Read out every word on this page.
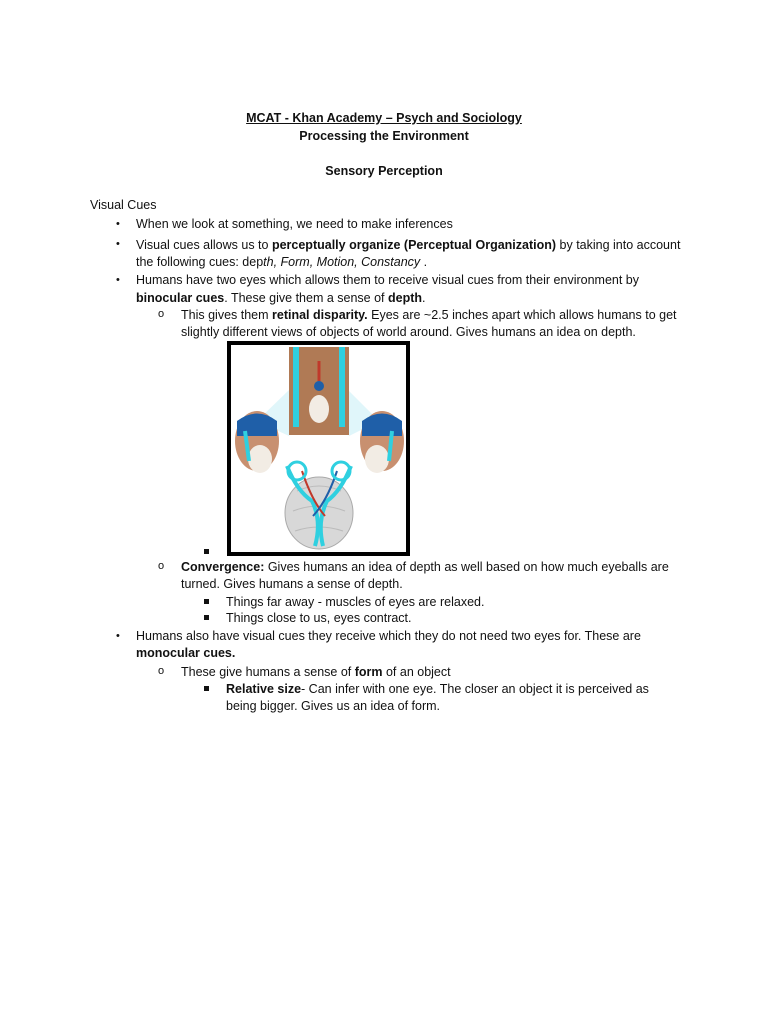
MCAT - Khan Academy – Psych and Sociology
Processing the Environment
Sensory Perception
Visual Cues
• When we look at something, we need to make inferences
• Visual cues allows us to perceptually organize (Perceptual Organization) by taking into account
the following cues: depth, Form, Motion, Constancy .
• Humans have two eyes which allows them to receive visual cues from their environment by
binocular cues. These give them a sense of depth.
o This gives them retinal disparity. Eyes are ~2.5 inches apart which allows humans to get
slightly different views of objects of world around. Gives humans an idea on depth.
o Convergence: Gives humans an idea of depth as well based on how much eyeballs are
turned. Gives humans a sense of depth.
Things far away - muscles of eyes are relaxed.
Things close to us, eyes contract.
• Humans also have visual cues they receive which they do not need two eyes for. These are
monocular cues.
o These give humans a sense of form of an object
Relative size- Can infer with one eye. The closer an object it is perceived as
being bigger. Gives us an idea of form.
